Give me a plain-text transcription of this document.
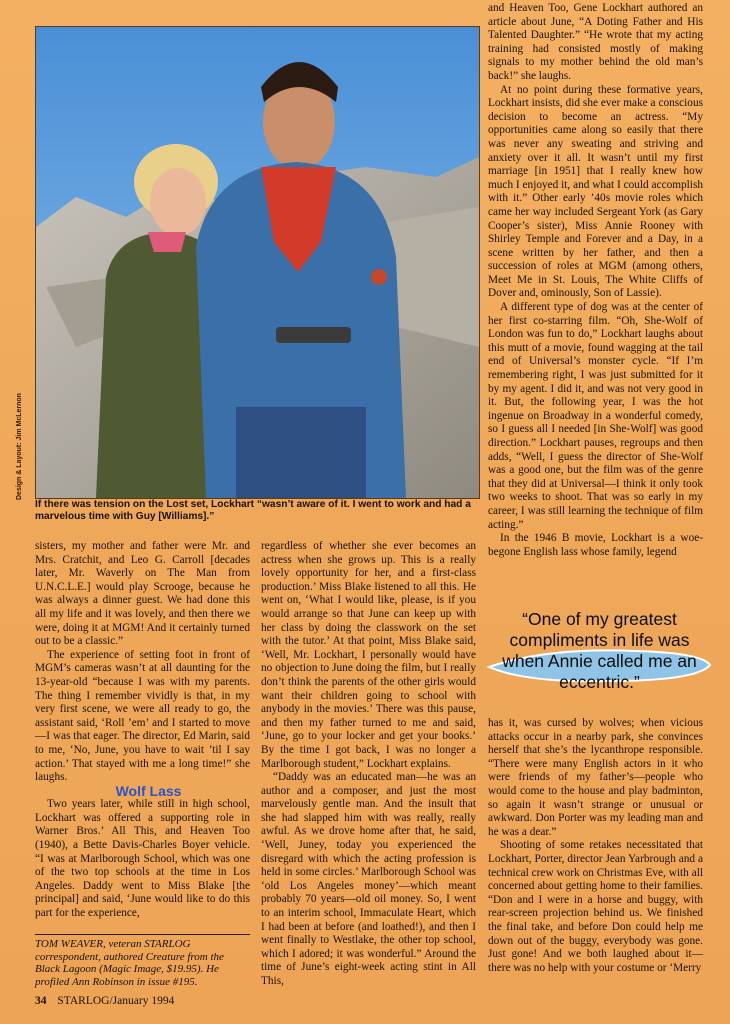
Design & Layout: Jim McLernon
If there was tension on the Lost set, Lockhart “wasn’t aware of it. I went to work and had a marvelous time with Guy [Williams].”

and Heaven Too, Gene Lockhart authored an article about June, “A Doting Father and His Talented Daughter.” “He wrote that my acting training had consisted mostly of making signals to my mother behind the old man’s back!” she laughs.

At no point during these formative years, Lockhart insists, did she ever make a conscious decision to become an actress. “My opportunities came along so easily that there was never any sweating and striving and anxiety over it all. It wasn’t until my first marriage [in 1951] that I really knew how much I enjoyed it, and what I could accomplish with it.” Other early ’40s movie roles which came her way included Sergeant York (as Gary Cooper’s sister), Miss Annie Rooney with Shirley Temple and Forever and a Day, in a scene written by her father, and then a succession of roles at MGM (among others, Meet Me in St. Louis, The White Cliffs of Dover and, ominously, Son of Lassie).

A different type of dog was at the center of her first co-starring film. “Oh, She-Wolf of London was fun to do,” Lockhart laughs about this mutt of a movie, found wagging at the tail end of Universal’s monster cycle. “If I’m remembering right, I was just submitted for it by my agent. I did it, and was not very good in it. But, the following year, I was the hot ingenue on Broadway in a wonderful comedy, so I guess all I needed [in She-Wolf] was good direction.” Lockhart pauses, regroups and then adds, “Well, I guess the director of She-Wolf was a good one, but the film was of the genre that they did at Universal—I think it only took two weeks to shoot. That was so early in my career, I was still learning the technique of film acting.”

In the 1946 B movie, Lockhart is a woe-begone English lass whose family, legend

“One of my greatest compliments in life was when Annie called me an eccentric.”

has it, was cursed by wolves; when vicious attacks occur in a nearby park, she convinces herself that she’s the lycanthrope responsible. “There were many English actors in it who were friends of my father’s—people who would come to the house and play badminton, so again it wasn’t strange or unusual or awkward. Don Porter was my leading man and he was a dear.”

Shooting of some retakes necessitated that Lockhart, Porter, director Jean Yarbrough and a technical crew work on Christmas Eve, with all concerned about getting home to their families. “Don and I were in a horse and buggy, with rear-screen projection behind us. We finished the final take, and before Don could help me down out of the buggy, everybody was gone. Just gone! And we both laughed about it—there was no help with your costume or ‘Merry

sisters, my mother and father were Mr. and Mrs. Cratchit, and Leo G. Carroll [decades later, Mr. Waverly on The Man from U.N.C.L.E.] would play Scrooge, because he was always a dinner guest. We had done this all my life and it was lovely, and then there we were, doing it at MGM! And it certainly turned out to be a classic.”

The experience of setting foot in front of MGM’s cameras wasn’t at all daunting for the 13-year-old “because I was with my parents. The thing I remember vividly is that, in my very first scene, we were all ready to go, the assistant said, ‘Roll ’em’ and I started to move—I was that eager. The director, Ed Marin, said to me, ‘No, June, you have to wait ’til I say action.’ That stayed with me a long time!” she laughs.

Wolf Lass

Two years later, while still in high school, Lockhart was offered a supporting role in Warner Bros.’ All This, and Heaven Too (1940), a Bette Davis-Charles Boyer vehicle. “I was at Marlborough School, which was one of the two top schools at the time in Los Angeles. Daddy went to Miss Blake [the principal] and said, ‘June would like to do this part for the experience,

TOM WEAVER, veteran STARLOG correspondent, authored Creature from the Black Lagoon (Magic Image, $19.95). He profiled Ann Robinson in issue #195.

regardless of whether she ever becomes an actress when she grows up. This is a really lovely opportunity for her, and a first-class production.’ Miss Blake listened to all this. He went on, ‘What I would like, please, is if you would arrange so that June can keep up with her class by doing the classwork on the set with the tutor.’ At that point, Miss Blake said, ‘Well, Mr. Lockhart, I personally would have no objection to June doing the film, but I really don’t think the parents of the other girls would want their children going to school with anybody in the movies.’ There was this pause, and then my father turned to me and said, ‘June, go to your locker and get your books.’ By the time I got back, I was no longer a Marlborough student,” Lockhart explains.

“Daddy was an educated man—he was an author and a composer, and just the most marvelously gentle man. And the insult that she had slapped him with was really, really awful. As we drove home after that, he said, ‘Well, Juney, today you experienced the disregard with which the acting profession is held in some circles.’ Marlborough School was ‘old Los Angeles money’—which meant probably 70 years—old oil money. So, I went to an interim school, Immaculate Heart, which I had been at before (and loathed!), and then I went finally to Westlake, the other top school, which I adored; it was wonderful.” Around the time of June’s eight-week acting stint in All This,

34 STARLOG/January 1994
